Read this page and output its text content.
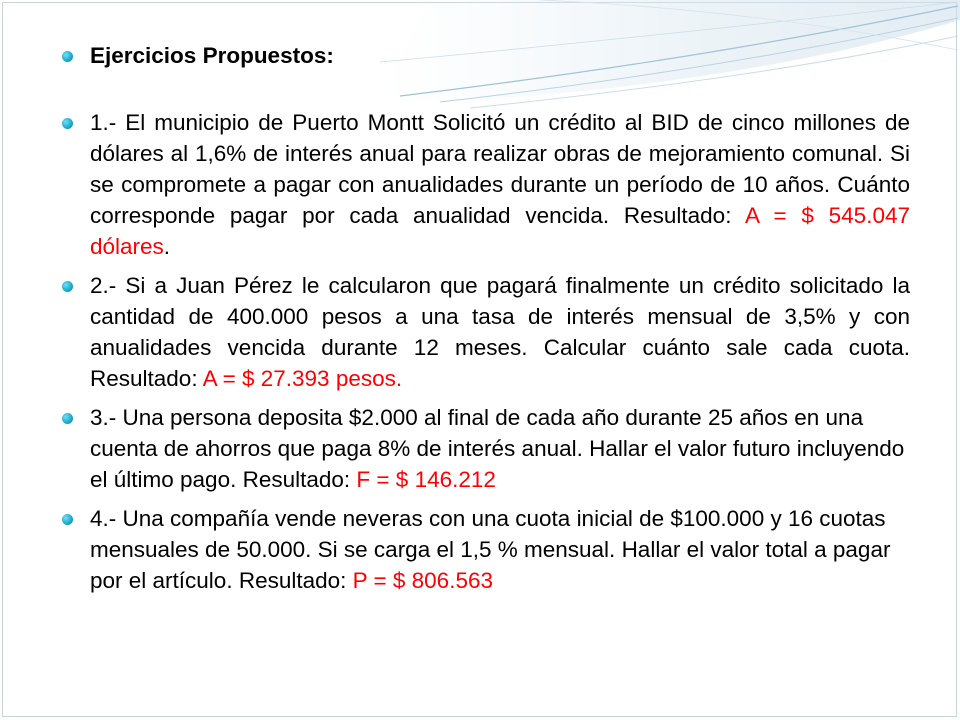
Ejercicios Propuestos:
1.- El municipio de Puerto Montt Solicitó un crédito al BID de cinco millones de dólares al 1,6% de interés anual para realizar obras de mejoramiento comunal. Si se compromete a pagar con anualidades durante un período de 10 años. Cuánto corresponde pagar por cada anualidad vencida. Resultado: A = $ 545.047 dólares.
2.- Si a Juan Pérez le calcularon que pagará finalmente un crédito solicitado la cantidad de 400.000 pesos a una tasa de interés mensual de 3,5% y con anualidades vencida durante 12 meses. Calcular cuánto sale cada cuota. Resultado: A = $ 27.393 pesos.
3.- Una persona deposita $2.000 al final de cada año durante 25 años en una cuenta de ahorros que paga 8% de interés anual. Hallar el valor futuro incluyendo el último pago. Resultado: F = $ 146.212
4.- Una compañía vende neveras con una cuota inicial de $100.000 y 16 cuotas mensuales de 50.000. Si se carga el 1,5 % mensual. Hallar el valor total a pagar por el artículo. Resultado: P = $ 806.563
